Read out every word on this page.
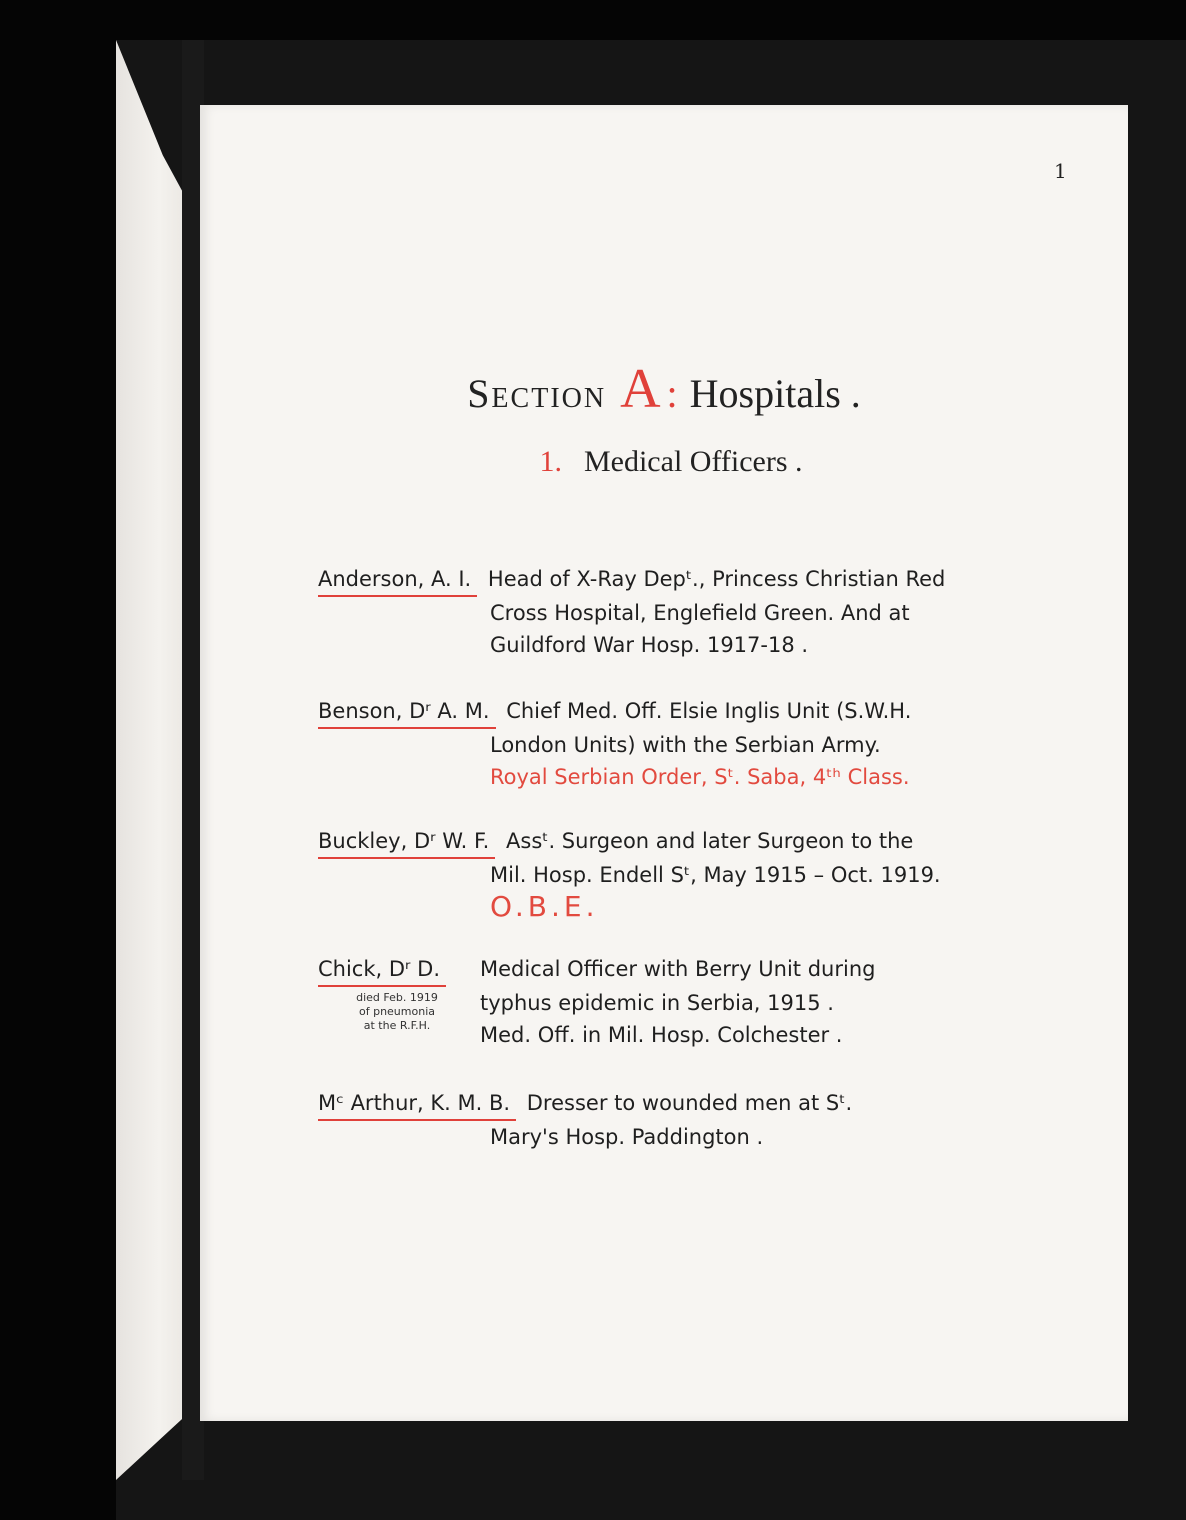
1
Section A : Hospitals .
1. Medical Officers .
Anderson, A. I. Head of X-Ray Depᵗ., Princess Christian Red
Cross Hospital, Englefield Green. And at
Guildford War Hosp. 1917-18 .
Benson, Dʳ A. M. Chief Med. Off. Elsie Inglis Unit (S.W.H.
London Units) with the Serbian Army.
Royal Serbian Order, Sᵗ. Saba, 4ᵗʰ Class.
Buckley, Dʳ W. F. Assᵗ. Surgeon and later Surgeon to the
Mil. Hosp. Endell Sᵗ, May 1915 – Oct. 1919.
O.B.E.
Chick, Dʳ D.	Medical Officer with Berry Unit during
died Feb. 1919
of pneumonia
at the R.F.H.
typhus epidemic in Serbia, 1915 .
Med. Off. in Mil. Hosp. Colchester .
Mᶜ Arthur, K. M. B. Dresser to wounded men at Sᵗ.
Mary's Hosp. Paddington .
